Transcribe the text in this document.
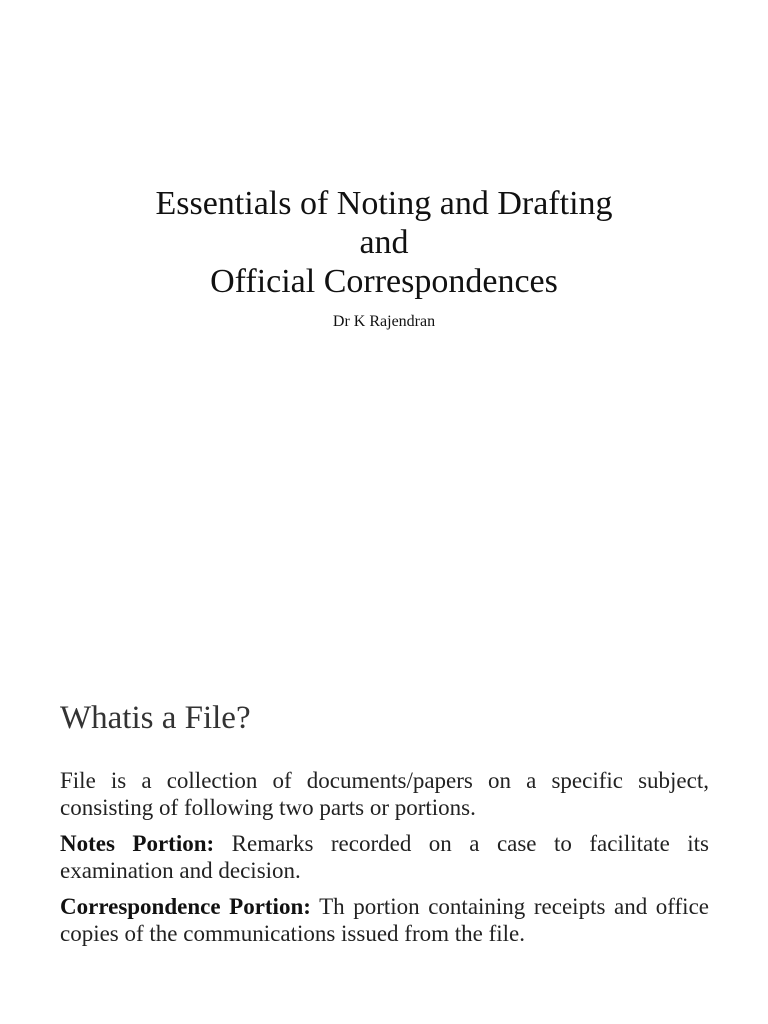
Essentials of Noting and Drafting
and
Official Correspondences
Dr K Rajendran
Whatis a File?

File is a collection of documents/papers on a specific subject, consisting of following two parts or portions.

Notes Portion: Remarks recorded on a case to facilitate its examination and decision.

Correspondence Portion: Th portion containing receipts and office copies of the communications issued from the file.
